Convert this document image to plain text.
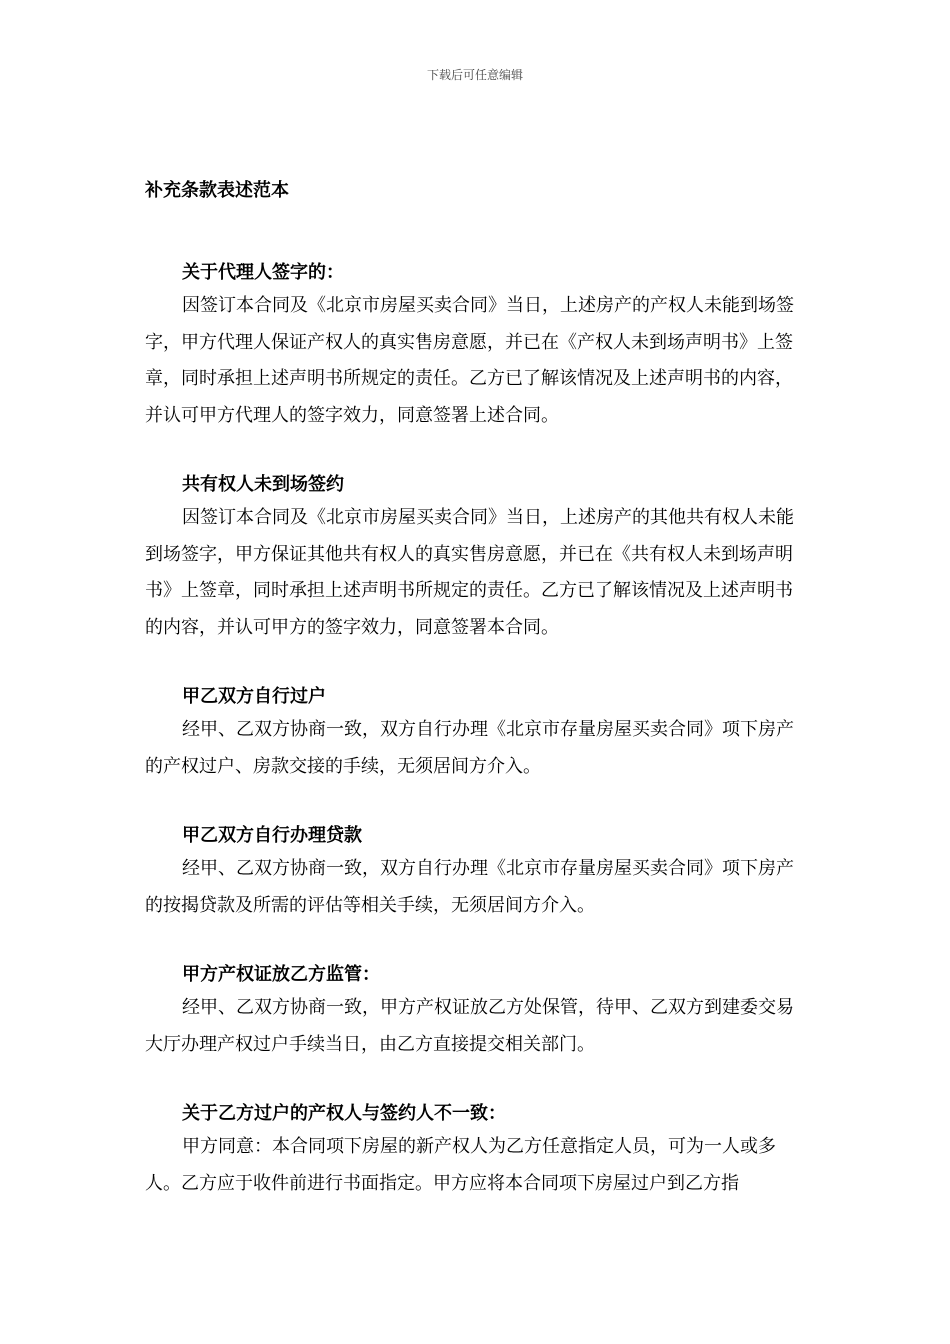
下载后可任意编辑
补充条款表述范本
关于代理人签字的：

因签订本合同及《北京市房屋买卖合同》当日，上述房产的产权人未能到场签字，甲方代理人保证产权人的真实售房意愿，并已在《产权人未到场声明书》上签章，同时承担上述声明书所规定的责任。乙方已了解该情况及上述声明书的内容，并认可甲方代理人的签字效力，同意签署上述合同。

共有权人未到场签约

因签订本合同及《北京市房屋买卖合同》当日，上述房产的其他共有权人未能到场签字，甲方保证其他共有权人的真实售房意愿，并已在《共有权人未到场声明书》上签章，同时承担上述声明书所规定的责任。乙方已了解该情况及上述声明书的内容，并认可甲方的签字效力，同意签署本合同。

甲乙双方自行过户

经甲、乙双方协商一致，双方自行办理《北京市存量房屋买卖合同》项下房产的产权过户、房款交接的手续，无须居间方介入。

甲乙双方自行办理贷款

经甲、乙双方协商一致，双方自行办理《北京市存量房屋买卖合同》项下房产的按揭贷款及所需的评估等相关手续，无须居间方介入。

甲方产权证放乙方监管：

经甲、乙双方协商一致，甲方产权证放乙方处保管，待甲、乙双方到建委交易大厅办理产权过户手续当日，由乙方直接提交相关部门。

关于乙方过户的产权人与签约人不一致：

甲方同意：本合同项下房屋的新产权人为乙方任意指定人员，可为一人或多人。乙方应于收件前进行书面指定。甲方应将本合同项下房屋过户到乙方指
